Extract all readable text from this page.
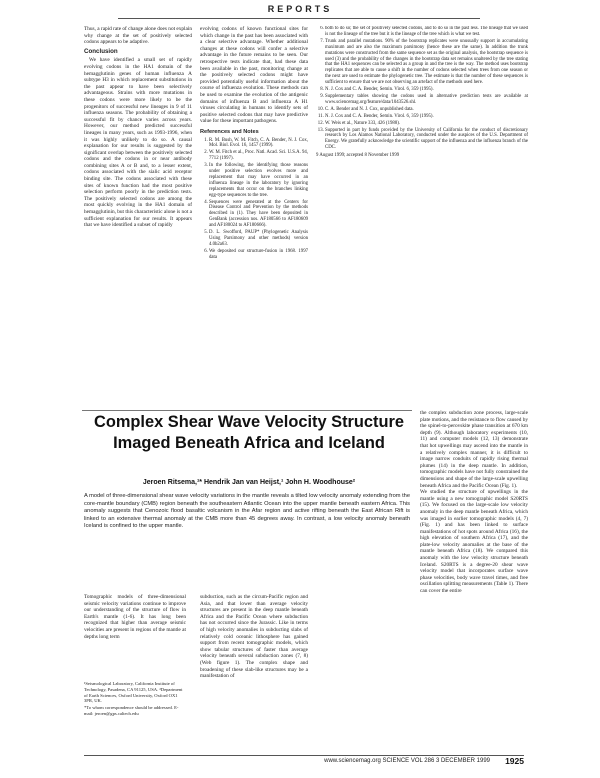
REPORTS

Thus, a rapid rate of change alone does not explain why change at the set of positively selected codons appears to be adaptive.

Conclusion

We have identified a small set of rapidly evolving codons in the HA1 domain of the hemagglutinin genes of human influenza A subtype H3 in which replacement substitutions in the past appear to have been selectively advantageous. Strains with more mutations in these codons were more likely to be the progenitors of successful new lineages in 9 of 11 influenza seasons. The probability of obtaining a successful fit by chance varies across years. However, our method predicted successful lineages in many years, such as 1993-1996, when it was highly unlikely to do so. A causal explanation for our results is suggested by the significant overlap between the positively selected codons and the codons in or near antibody combining sites A or B and, to a lesser extent, codons associated with the sialic acid receptor binding site. The codons associated with these sites of known function had the most positive selection perform poorly in the prediction tests. The positively selected codons are among the most quickly evolving in the HA1 domain of hemagglutinin, but this characteristic alone is not a sufficient explanation for our results. It appears that we have identified a subset of rapidly

evolving codons of known functional sites for which change in the past has been associated with a clear selective advantage. Whether additional changes at these codons will confer a selective advantage in the future remains to be seen. Our retrospective tests indicate that, had these data been available in the past, monitoring change at the positively selected codons might have provided potentially useful information about the course of influenza evolution. These methods can be used to examine the evolution of the antigenic domains of influenza B and influenza A H1 viruses circulating in humans to identify sets of positive selected codons that may have predictive value for these important pathogens.

References and Notes
1. R. M. Bush, W. M. Fitch, C. A. Bender, N. J. Cox, Mol. Biol. Evol. 16, 1457 (1999).
2. W. M. Fitch et al., Proc. Natl. Acad. Sci. U.S.A. 94, 7712 (1997).
3. In the following, the identifying those reasons under positive selection evolves more and replacement that may have occurred in an influenza lineage in the laboratory by ignoring replacements that occur on the branches linking egg-type sequences to the tree.
4. Sequences were generated at the Centers for Disease Control and Prevention by the methods described in (1). They have been deposited in GenBank (accession nos. AF180566 to AF180609 and AF180024 to AF180666).
5. D. L. Swofford, PAUP* (Phylogenetic Analysis Using Parsimony and other methods) version 4.0b2a63.
6. We deposited our structure-fusion in 1968. 1997 data
6. both to do so; the set of positively selected codons, and to do so in the past less. The lineage that we used is not the lineage of the tree but it is the lineage of the tree which is what we test.
7. Trunk and parallel mutations. 90% of the bootstrap replicates were unusually support in accumulating maximum and are also the maximum parsimony (hence these are the same). In addition the trunk mutations were constructed from the same sequence set as the original analysis, the bootstrap sequence is used (3) and the probability of the changes in the bootstrap data set remains unaltered by the tree stating that the HA1 sequences can be selected as a group in and the tree is the way. The method uses bootstrap replicates that are able to cause a shift in the number of codons selected when trees from one season or the next are used to estimate the phylogenetic tree. The estimate is that the number of these sequences is sufficient to ensure that we are not observing an artefact of the methods used here.
8. N. J. Cox and C. A. Bender, Semin. Virol. 6, 359 (1995).
9. Supplementary tables showing the codons used in alternative prediction tests are available at www.sciencemag.org/feature/data/1043526.shl.
10. C. A. Bender and N. J. Cox, unpublished data.
11. N. J. Cox and C. A. Bender, Semin. Virol. 6, 359 (1995).
12. W. Weis et al., Nature 333, 426 (1988).
13. Supported in part by funds provided by the University of California for the conduct of discretionary research by Los Alamos National Laboratory, conducted under the auspices of the U.S. Department of Energy. We gratefully acknowledge the scientific support of the influenza and the influenza branch of the CDC.

9 August 1999; accepted 8 November 1999

Complex Shear Wave Velocity Structure Imaged Beneath Africa and Iceland
Jeroen Ritsema,¹* Hendrik Jan van Heijst,¹ John H. Woodhouse²

A model of three-dimensional shear wave velocity variations in the mantle reveals a tilted low velocity anomaly extending from the core-mantle boundary (CMB) region beneath the southeastern Atlantic Ocean into the upper mantle beneath eastern Africa. This anomaly suggests that Cenozoic flood basaltic volcanism in the Afar region and active rifting beneath the East African Rift is linked to an extensive thermal anomaly at the CMB more than 45 degrees away. In contrast, a low velocity anomaly beneath Iceland is confined to the upper mantle.

Tomographic models of three-dimensional seismic velocity variations continue to improve our understanding of the structure of flow in Earth's mantle (1-6). It has long been recognized that higher than average seismic velocities are present in regions of the mantle at depths long term

¹Seismological Laboratory, California Institute of Technology, Pasadena, CA 91125, USA. ²Department of Earth Sciences, Oxford University, Oxford OX1 3PR, UK.

*To whom correspondence should be addressed. E-mail: jeroen@gps.caltech.edu

subduction, such as the circum-Pacific region and Asia, and that lower than average velocity structures are present in the deep mantle beneath Africa and the Pacific Ocean where subduction has not occurred since the Jurassic. Like in terms of high velocity anomalies in subducting slabs of relatively cold oceanic lithosphere has gained support from recent tomographic models, which show tabular structures of faster than average velocity beneath several subduction zones (7, 8) (Web figure 1). The complex shape and broadening of these slab-like structures may be a manifestation of

the complex subduction zone process, large-scale plate motions, and the resistance to flow caused by the spinel-to-perovskite phase transition at 670 km depth (9). Although laboratory experiments (10, 11) and computer models (12, 13) demonstrate that hot upwellings may ascend into the mantle in a relatively complex manner, it is difficult to image narrow conduits of rapidly rising thermal plumes (14) in the deep mantle. In addition, tomographic models have not fully constrained the dimensions and shape of the large-scale upwelling beneath Africa and the Pacific Ocean (Fig. 1).
We studied the structure of upwellings in the mantle using a new tomographic model S20RTS (15). We focused on the large-scale low velocity anomaly in the deep mantle beneath Africa, which was imaged in earlier tomographic models (4, 7) (Fig. 1) and has been linked to surface manifestations of hot spots around Africa (16), the high elevation of southern Africa (17), and the plate-low velocity anomalies at the base of the mantle beneath Africa (18). We compared this anomaly with the low velocity structure beneath Iceland. S20RTS is a degree-20 shear wave velocity model that incorporates surface wave phase velocities, body wave travel times, and free oscillation splitting measurements (Table 1). There can cover the entire

www.sciencemag.org SCIENCE VOL 286 3 DECEMBER 1999	1925
